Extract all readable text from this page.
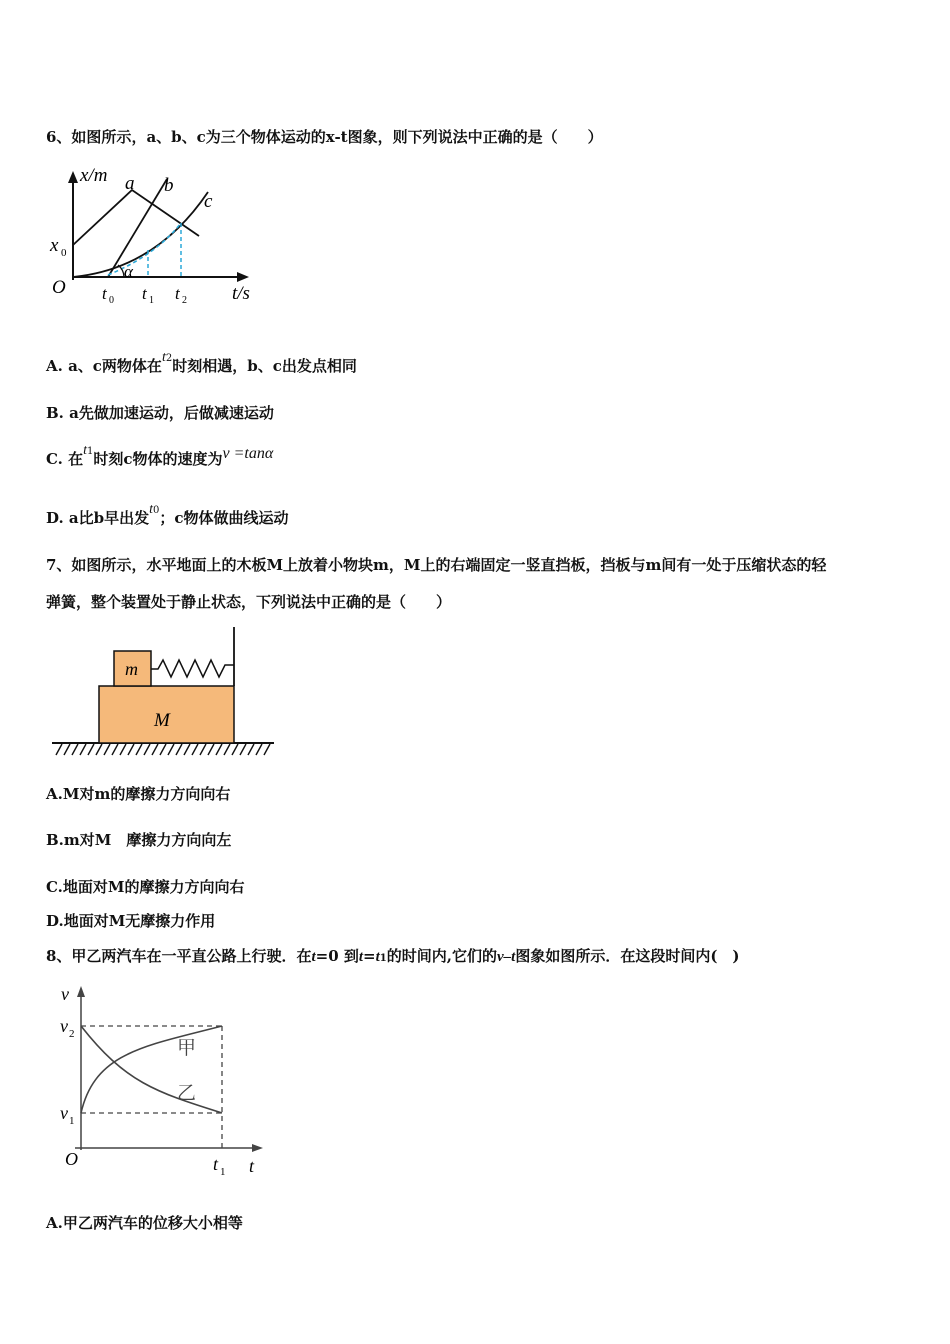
6、如图所示，a、b、c为三个物体运动的x-t图象，则下列说法中正确的是（　　）
x/m
t/s
O
x 0
a b
c
α
t 0 t 1 t 2
A. a、c两物体在t2时刻相遇，b、c出发点相同
B. a先做加速运动，后做减速运动
C. 在t1时刻c物体的速度为v =tanα
D. a比b早出发t0；c物体做曲线运动
7、如图所示，水平地面上的木板M上放着小物块m，M上的右端固定一竖直挡板，挡板与m间有一处于压缩状态的轻
弹簧，整个装置处于静止状态，下列说法中正确的是（　　）
m
M
A.M对m的摩擦力方向向右
B.m对M　摩擦力方向向左
C.地面对M的摩擦力方向向右
D.地面对M无摩擦力作用
8、甲乙两汽车在一平直公路上行驶．在t=0 到t=t1的时间内,它们的v–t图象如图所示．在这段时间内(　)
v
t
O
v 2
v 1
t 1
甲
乙
A.甲乙两汽车的位移大小相等
